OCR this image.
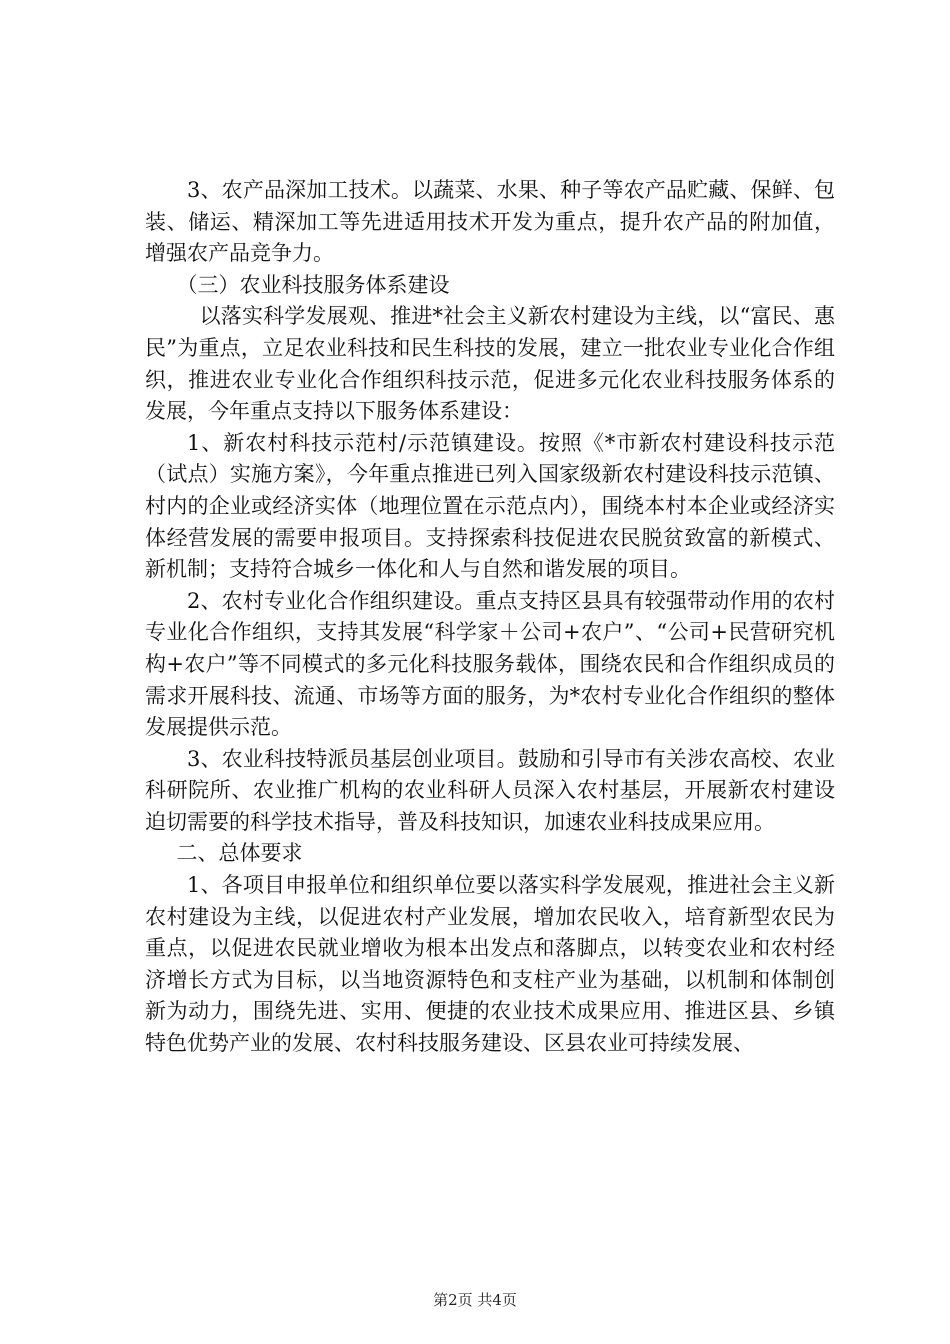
3、农产品深加工技术。以蔬菜、水果、种子等农产品贮藏、保鲜、包装、储运、精深加工等先进适用技术开发为重点，提升农产品的附加值，增强农产品竞争力。

（三）农业科技服务体系建设

以落实科学发展观、推进*社会主义新农村建设为主线，以“富民、惠民”为重点，立足农业科技和民生科技的发展，建立一批农业专业化合作组织，推进农业专业化合作组织科技示范，促进多元化农业科技服务体系的发展，今年重点支持以下服务体系建设：

1、新农村科技示范村/示范镇建设。按照《*市新农村建设科技示范（试点）实施方案》，今年重点推进已列入国家级新农村建设科技示范镇、村内的企业或经济实体（地理位置在示范点内），围绕本村本企业或经济实体经营发展的需要申报项目。支持探索科技促进农民脱贫致富的新模式、新机制；支持符合城乡一体化和人与自然和谐发展的项目。

2、农村专业化合作组织建设。重点支持区县具有较强带动作用的农村专业化合作组织，支持其发展“科学家＋公司+农户”、“公司+民营研究机构+农户”等不同模式的多元化科技服务载体，围绕农民和合作组织成员的需求开展科技、流通、市场等方面的服务，为*农村专业化合作组织的整体发展提供示范。

3、农业科技特派员基层创业项目。鼓励和引导市有关涉农高校、农业科研院所、农业推广机构的农业科研人员深入农村基层，开展新农村建设迫切需要的科学技术指导，普及科技知识，加速农业科技成果应用。

二、总体要求

1、各项目申报单位和组织单位要以落实科学发展观，推进社会主义新农村建设为主线，以促进农村产业发展，增加农民收入，培育新型农民为重点，以促进农民就业增收为根本出发点和落脚点，以转变农业和农村经济增长方式为目标，以当地资源特色和支柱产业为基础，以机制和体制创新为动力，围绕先进、实用、便捷的农业技术成果应用、推进区县、乡镇特色优势产业的发展、农村科技服务建设、区县农业可持续发展、

第2页 共4页
